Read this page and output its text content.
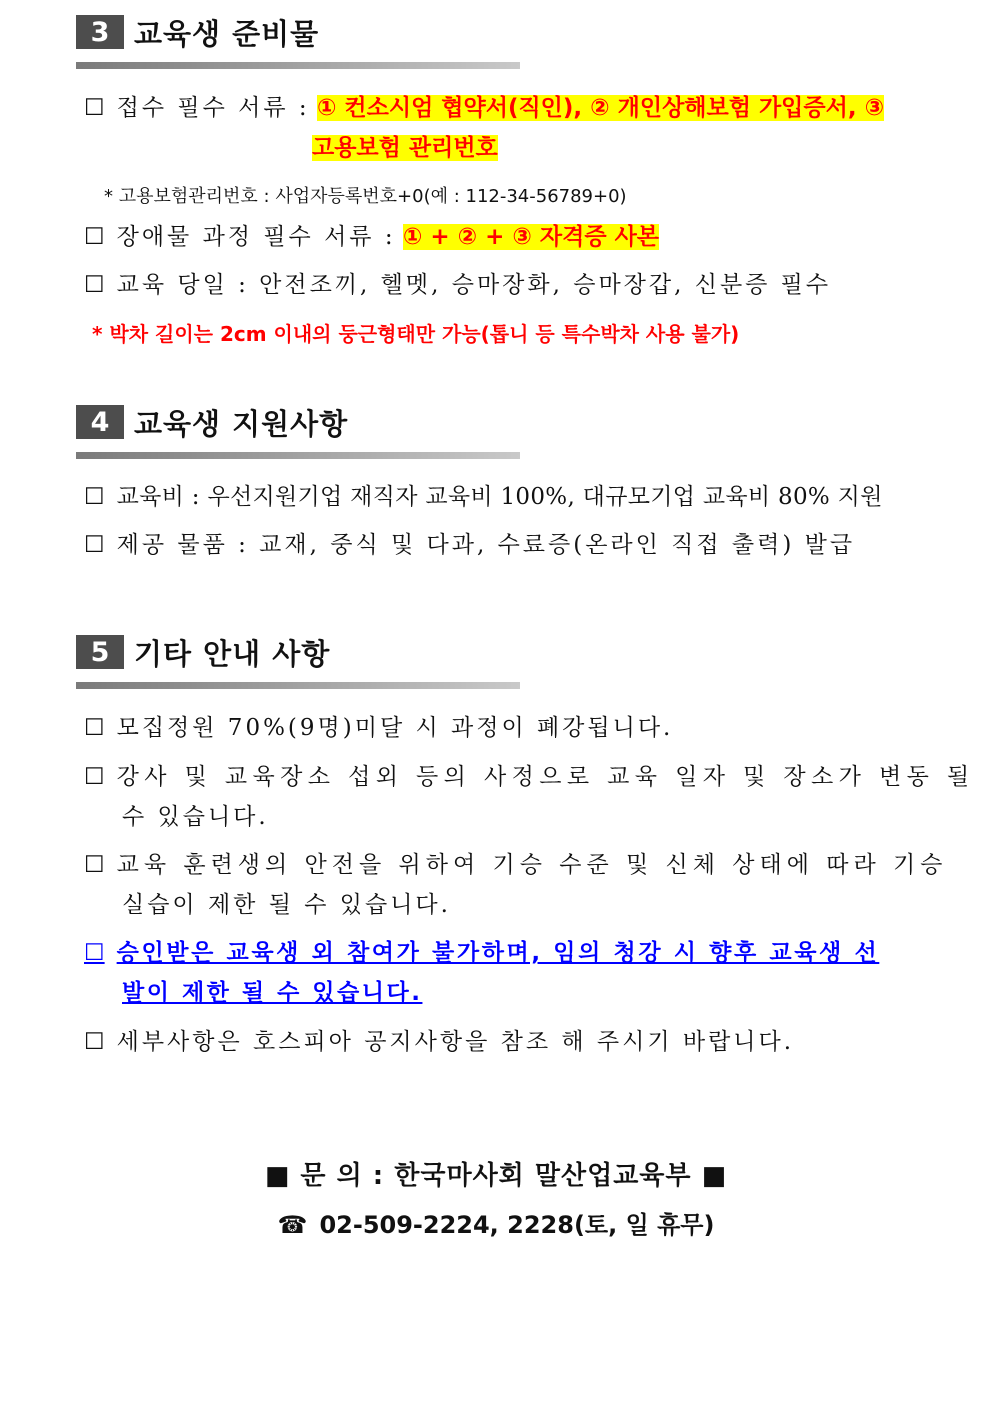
3 교육생 준비물
☐ 접수 필수 서류 : ① 컨소시엄 협약서(직인), ② 개인상해보험 가입증서, ③
고용보험 관리번호
* 고용보험관리번호 : 사업자등록번호+0(예 : 112-34-56789+0)
☐ 장애물 과정 필수 서류 : ① + ② + ③ 자격증 사본
☐ 교육 당일 : 안전조끼, 헬멧, 승마장화, 승마장갑, 신분증 필수
* 박차 길이는 2cm 이내의 둥근형태만 가능(톱니 등 특수박차 사용 불가)
4 교육생 지원사항
☐ 교육비 : 우선지원기업 재직자 교육비 100%, 대규모기업 교육비 80% 지원
☐ 제공 물품 : 교재, 중식 및 다과, 수료증(온라인 직접 출력) 발급
5 기타 안내 사항
☐ 모집정원 70%(9명)미달 시 과정이 폐강됩니다.
☐ 강사 및 교육장소 섭외 등의 사정으로 교육 일자 및 장소가 변동 될
수 있습니다.
☐ 교육 훈련생의 안전을 위하여 기승 수준 및 신체 상태에 따라 기승
실습이 제한 될 수 있습니다.
☐ 승인받은 교육생 외 참여가 불가하며, 임의 청강 시 향후 교육생 선
발이 제한 될 수 있습니다.
☐ 세부사항은 호스피아 공지사항을 참조 해 주시기 바랍니다.
■ 문 의 : 한국마사회 말산업교육부 ■
☎ 02-509-2224, 2228(토, 일 휴무)
